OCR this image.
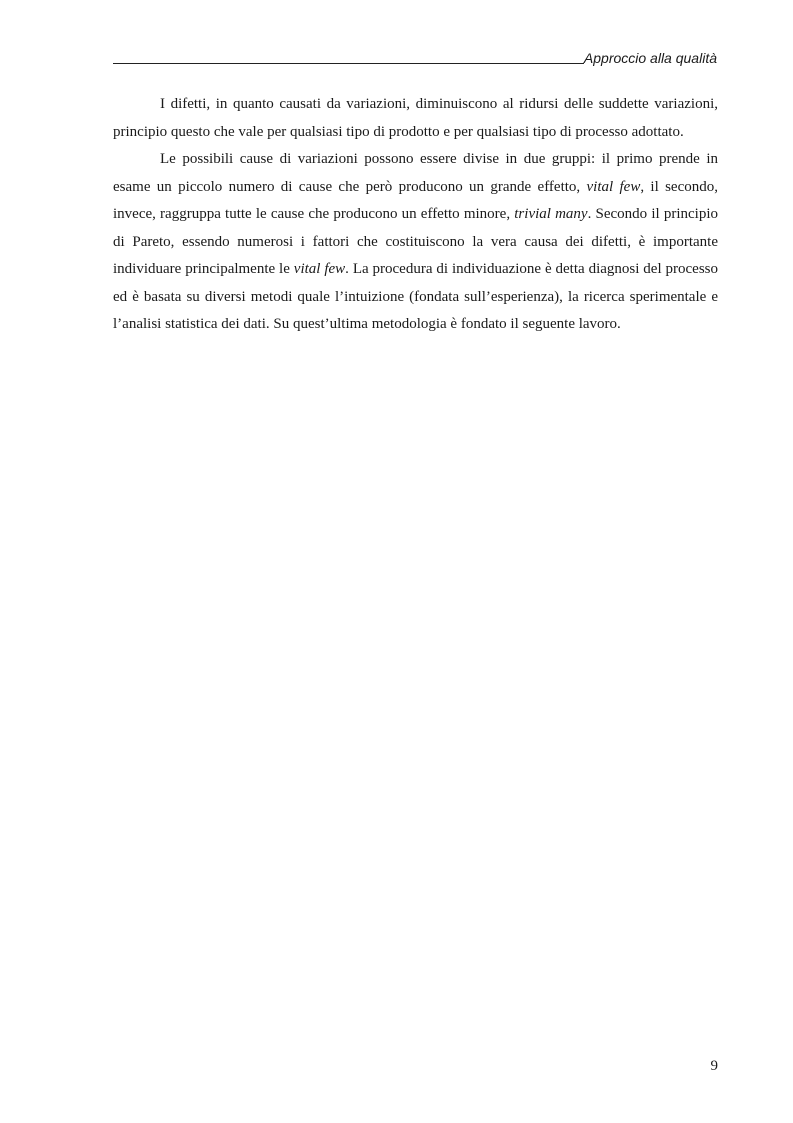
Approccio alla qualità

I difetti, in quanto causati da variazioni, diminuiscono al ridursi delle suddette variazioni, principio questo che vale per qualsiasi tipo di prodotto e per qualsiasi tipo di processo adottato.

Le possibili cause di variazioni possono essere divise in due gruppi: il primo prende in esame un piccolo numero di cause che però producono un grande effetto, vital few, il secondo, invece, raggruppa tutte le cause che producono un effetto minore, trivial many. Secondo il principio di Pareto, essendo numerosi i fattori che costituiscono la vera causa dei difetti, è importante individuare principalmente le vital few. La procedura di individuazione è detta diagnosi del processo ed è basata su diversi metodi quale l’intuizione (fondata sull’esperienza), la ricerca sperimentale e l’analisi statistica dei dati. Su quest’ultima metodologia è fondato il seguente lavoro.

9
